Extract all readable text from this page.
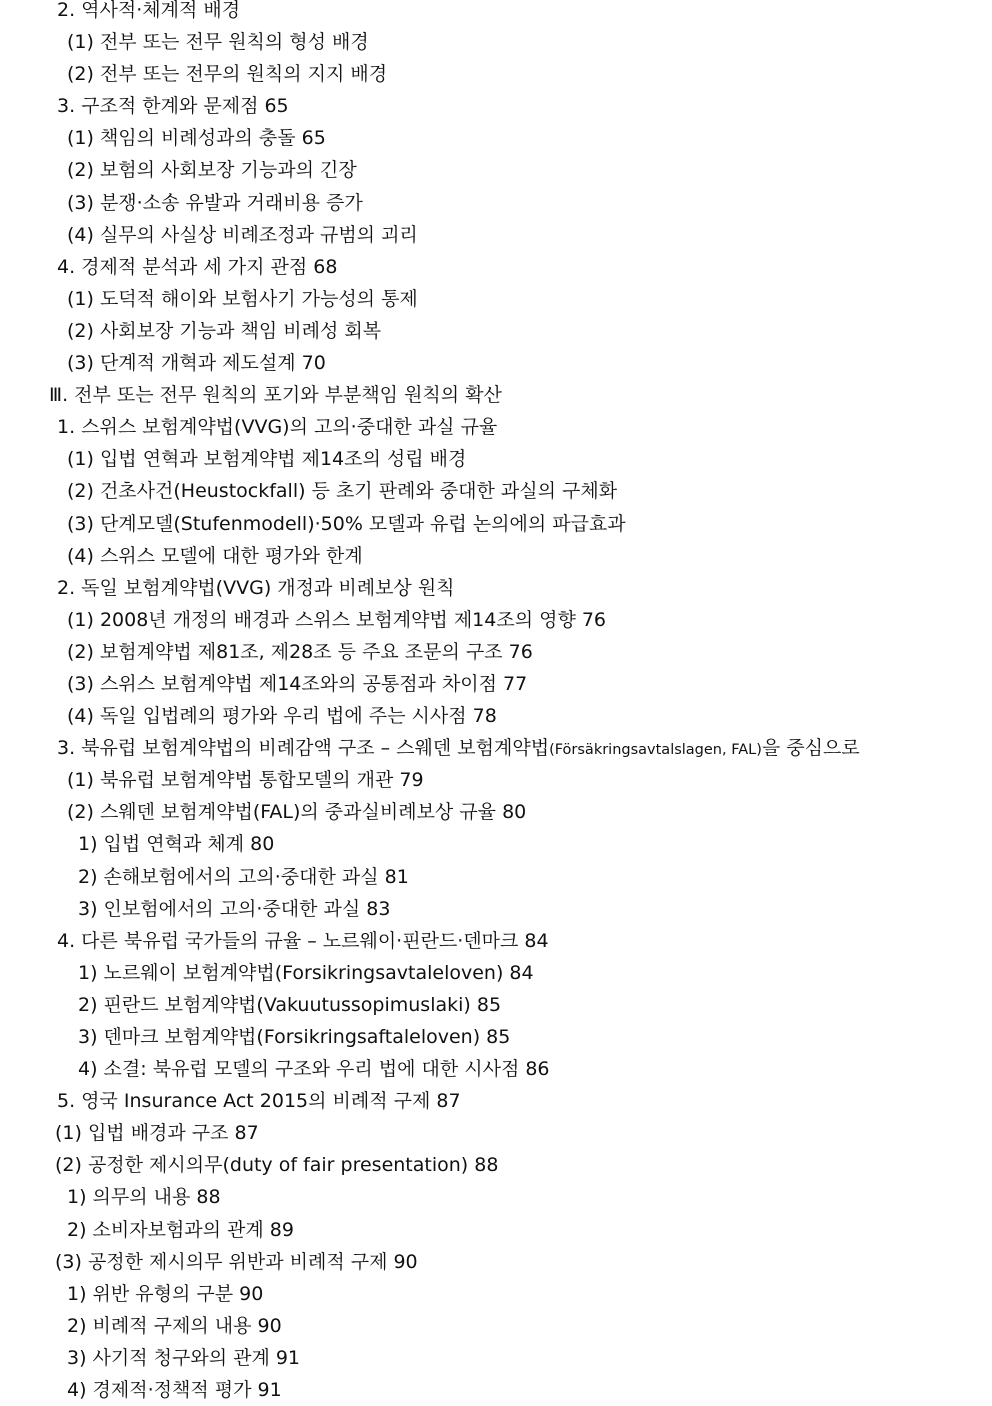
2. 역사적·체계적 배경
(1) 전부 또는 전무 원칙의 형성 배경
(2) 전부 또는 전무의 원칙의 지지 배경
3. 구조적 한계와 문제점 65
(1) 책임의 비례성과의 충돌 65
(2) 보험의 사회보장 기능과의 긴장
(3) 분쟁·소송 유발과 거래비용 증가
(4) 실무의 사실상 비례조정과 규범의 괴리
4. 경제적 분석과 세 가지 관점 68
(1) 도덕적 해이와 보험사기 가능성의 통제
(2) 사회보장 기능과 책임 비례성 회복
(3) 단계적 개혁과 제도설계 70
Ⅲ. 전부 또는 전무 원칙의 포기와 부분책임 원칙의 확산
1. 스위스 보험계약법(VVG)의 고의·중대한 과실 규율
(1) 입법 연혁과 보험계약법 제14조의 성립 배경
(2) 건초사건(Heustockfall) 등 초기 판례와 중대한 과실의 구체화
(3) 단계모델(Stufenmodell)·50% 모델과 유럽 논의에의 파급효과
(4) 스위스 모델에 대한 평가와 한계
2. 독일 보험계약법(VVG) 개정과 비례보상 원칙
(1) 2008년 개정의 배경과 스위스 보험계약법 제14조의 영향 76
(2) 보험계약법 제81조, 제28조 등 주요 조문의 구조 76
(3) 스위스 보험계약법 제14조와의 공통점과 차이점 77
(4) 독일 입법례의 평가와 우리 법에 주는 시사점 78
3. 북유럽 보험계약법의 비례감액 구조 – 스웨덴 보험계약법(Försäkringsavtalslagen, FAL)을 중심으로
(1) 북유럽 보험계약법 통합모델의 개관 79
(2) 스웨덴 보험계약법(FAL)의 중과실비례보상 규율 80
1) 입법 연혁과 체계 80
2) 손해보험에서의 고의·중대한 과실 81
3) 인보험에서의 고의·중대한 과실 83
4. 다른 북유럽 국가들의 규율 – 노르웨이·핀란드·덴마크 84
1) 노르웨이 보험계약법(Forsikringsavtaleloven) 84
2) 핀란드 보험계약법(Vakuutussopimuslaki) 85
3) 덴마크 보험계약법(Forsikringsaftaleloven) 85
4) 소결: 북유럽 모델의 구조와 우리 법에 대한 시사점 86
5. 영국 Insurance Act 2015의 비례적 구제 87
(1) 입법 배경과 구조 87
(2) 공정한 제시의무(duty of fair presentation) 88
1) 의무의 내용 88
2) 소비자보험과의 관계 89
(3) 공정한 제시의무 위반과 비례적 구제 90
1) 위반 유형의 구분 90
2) 비례적 구제의 내용 90
3) 사기적 청구와의 관계 91
4) 경제적·정책적 평가 91
